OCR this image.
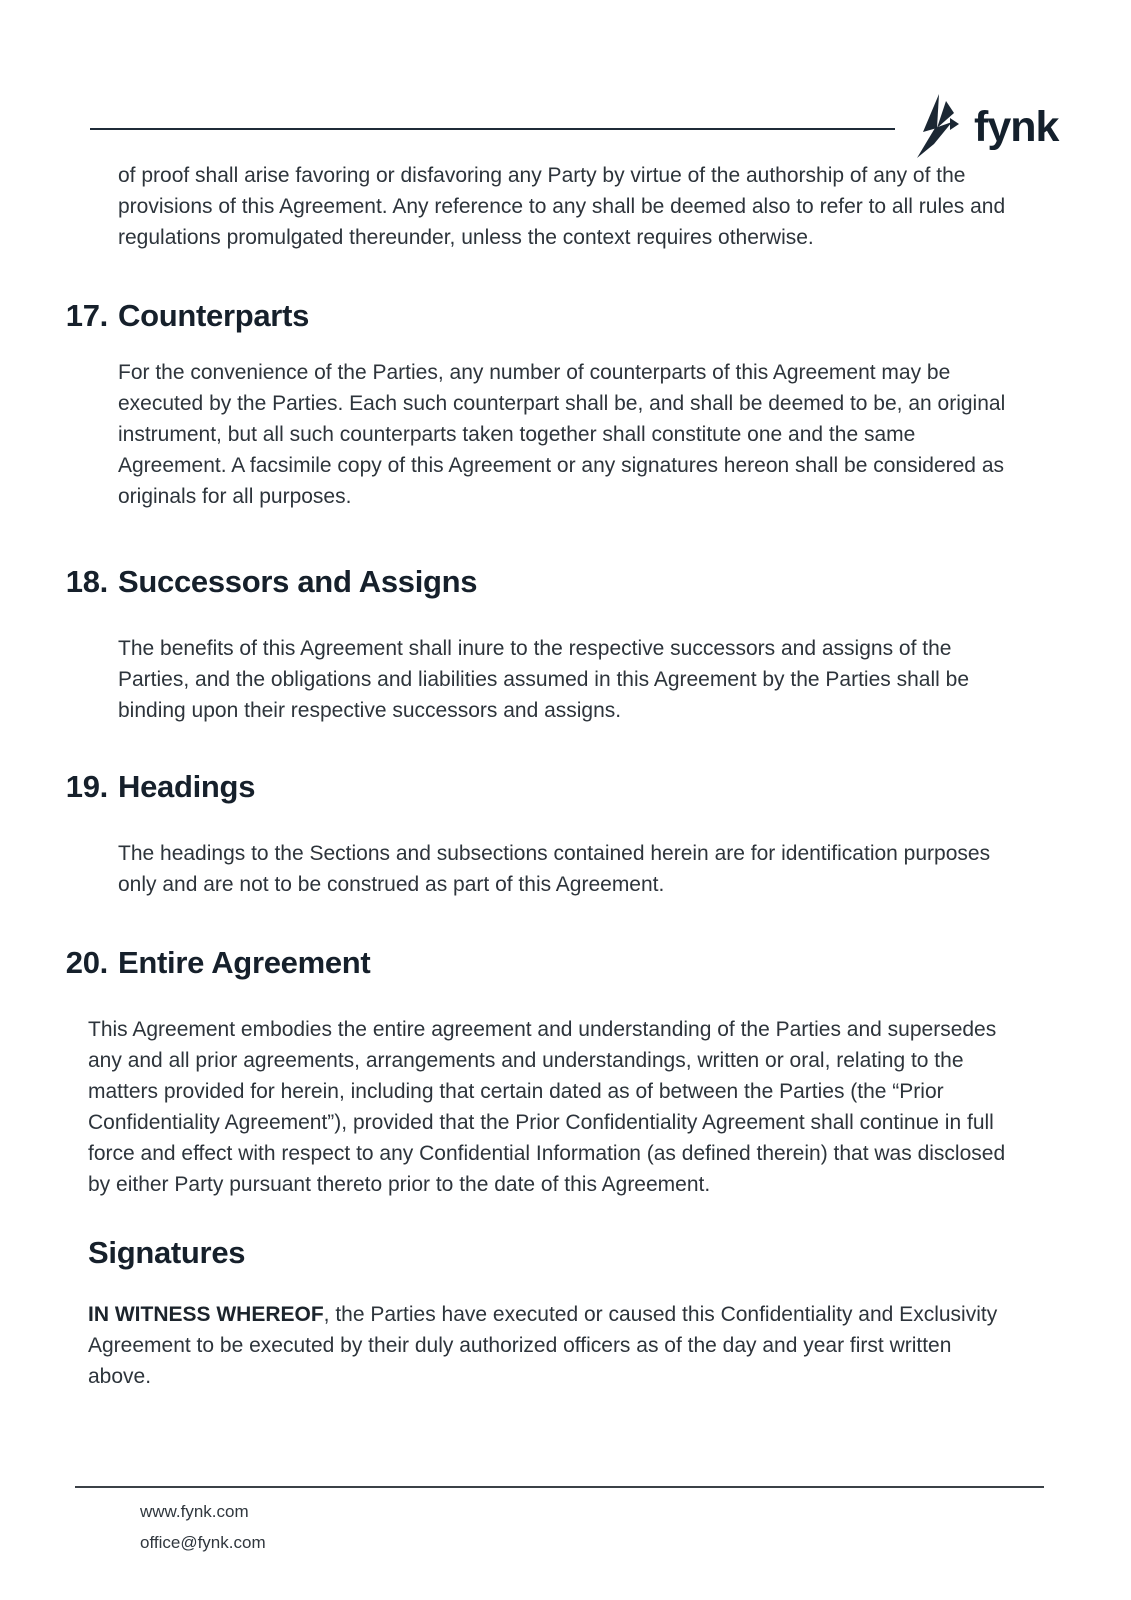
fynk

of proof shall arise favoring or disfavoring any Party by virtue of the authorship of any of the provisions of this Agreement. Any reference to any shall be deemed also to refer to all rules and regulations promulgated thereunder, unless the context requires otherwise.

17. Counterparts

For the convenience of the Parties, any number of counterparts of this Agreement may be executed by the Parties. Each such counterpart shall be, and shall be deemed to be, an original instrument, but all such counterparts taken together shall constitute one and the same Agreement. A facsimile copy of this Agreement or any signatures hereon shall be considered as originals for all purposes.

18. Successors and Assigns

The benefits of this Agreement shall inure to the respective successors and assigns of the Parties, and the obligations and liabilities assumed in this Agreement by the Parties shall be binding upon their respective successors and assigns.

19. Headings

The headings to the Sections and subsections contained herein are for identification purposes only and are not to be construed as part of this Agreement.

20. Entire Agreement

This Agreement embodies the entire agreement and understanding of the Parties and supersedes any and all prior agreements, arrangements and understandings, written or oral, relating to the matters provided for herein, including that certain dated as of between the Parties (the “Prior Confidentiality Agreement”), provided that the Prior Confidentiality Agreement shall continue in full force and effect with respect to any Confidential Information (as defined therein) that was disclosed by either Party pursuant thereto prior to the date of this Agreement.

Signatures

IN WITNESS WHEREOF, the Parties have executed or caused this Confidentiality and Exclusivity Agreement to be executed by their duly authorized officers as of the day and year first written above.

www.fynk.com
office@fynk.com
